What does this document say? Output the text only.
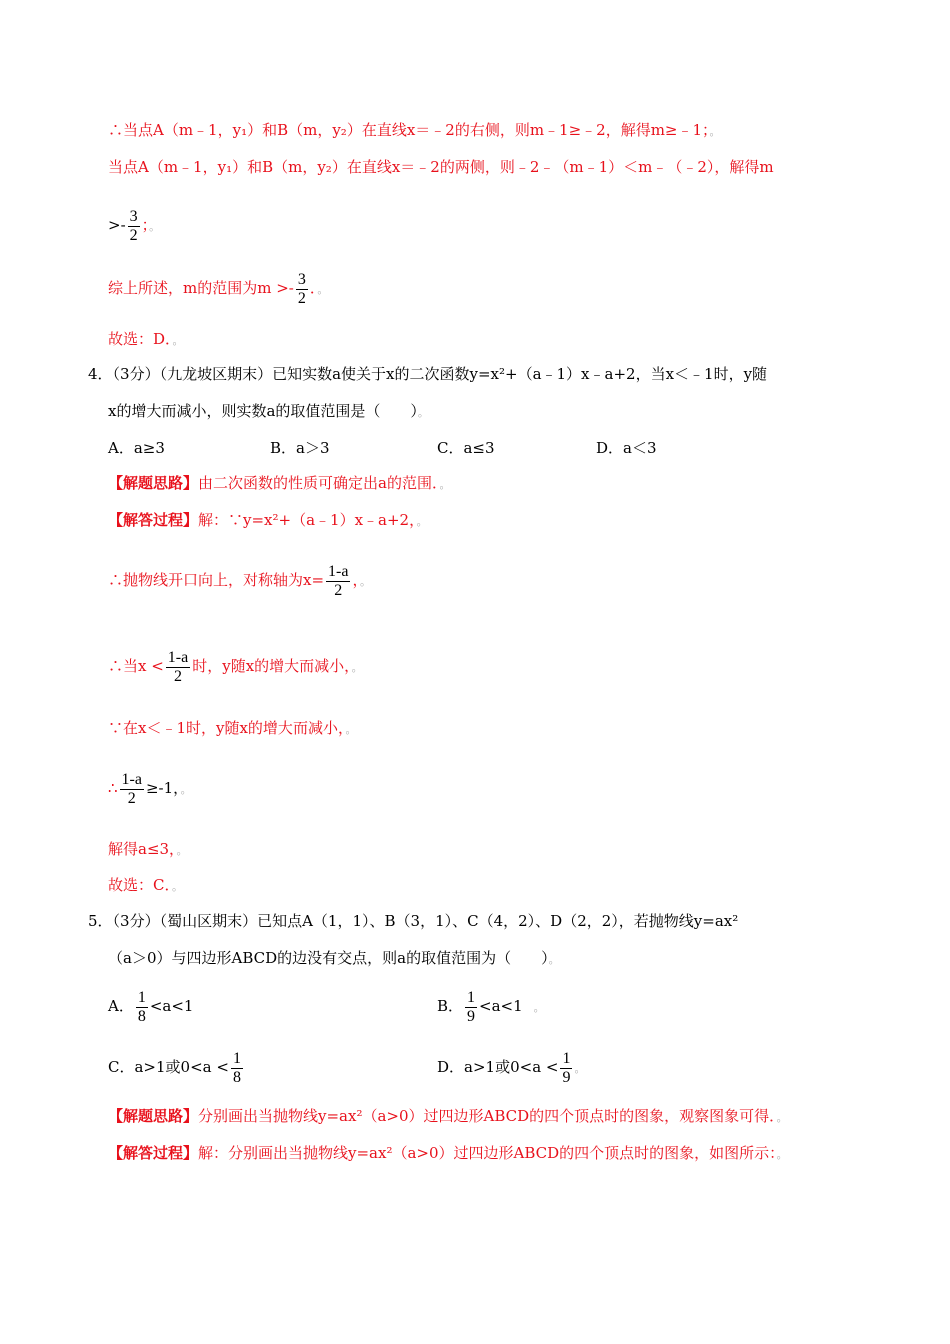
∴当点A（m﹣1，y₁）和B（m，y₂）在直线x＝﹣2的右侧，则m﹣1≥﹣2，解得m≥﹣1；。
当点A（m﹣1，y₁）和B（m，y₂）在直线x＝﹣2的两侧，则﹣2﹣（m﹣1）＜m﹣（﹣2），解得m
>- $\frac{3}{2}$ ；。
综上所述，m的范围为$m >- \frac{3}{2}$ ．。
故选：D．。
4．（3分）（九龙坡区期末）已知实数a使关于x的二次函数y=x²+（a﹣1）x﹣a+2，当x＜﹣1时，y随
x的增大而减小，则实数a的取值范围是（　　）。
A．a≥3	B．a＞3	C．a≤3	D．a＜3
【解题思路】由二次函数的性质可确定出a的范围．。
【解答过程】解：∵y=x²+（a﹣1）x﹣a+2，。
∴抛物线开口向上，对称轴为$x= \frac{1-a}{2}$ ，。
∴当$x < \frac{1-a}{2}$ 时，y随x的增大而减小，。
∵在x＜﹣1时，y随x的增大而减小，。
∴ $\frac{1-a}{2} \ge-1$，。
解得a≤3，。
故选：C．。
5．（3分）（蜀山区期末）已知点A（1，1）、B（3，1）、C（4，2）、D（2，2），若抛物线y=ax²
（a＞0）与四边形ABCD的边没有交点，则a的取值范围为（　　）。
A． $\frac{1}{8} <a<1$	B． $\frac{1}{9} <a<1$　。
C．a>1或$0<a < \frac{1}{8}$	D．a>1或$0<a < \frac{1}{9}$ 。
【解题思路】分别画出当抛物线y=ax²（a>0）过四边形ABCD的四个顶点时的图象，观察图象可得．。
【解答过程】解：分别画出当抛物线y=ax²（a>0）过四边形ABCD的四个顶点时的图象，如图所示：。
